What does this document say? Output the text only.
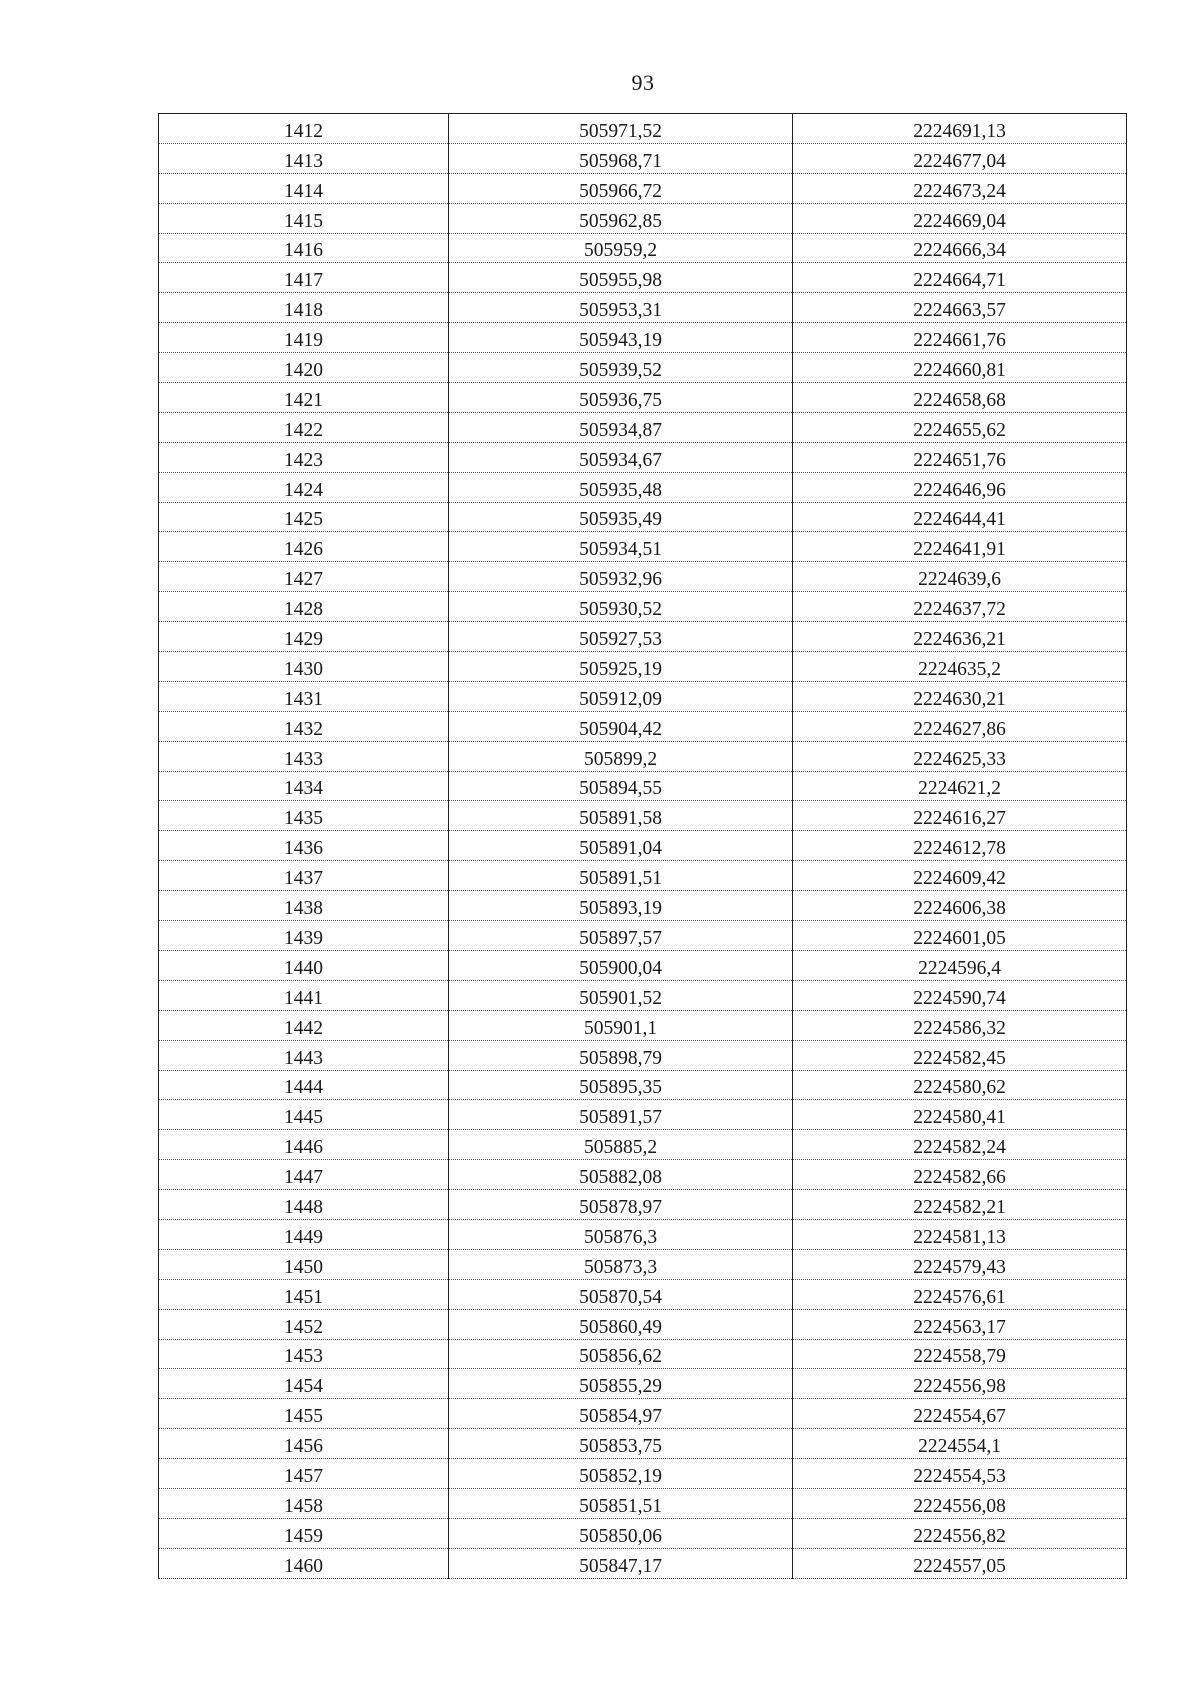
93
1412	505971,52	2224691,13
1413	505968,71	2224677,04
1414	505966,72	2224673,24
1415	505962,85	2224669,04
1416	505959,2	2224666,34
1417	505955,98	2224664,71
1418	505953,31	2224663,57
1419	505943,19	2224661,76
1420	505939,52	2224660,81
1421	505936,75	2224658,68
1422	505934,87	2224655,62
1423	505934,67	2224651,76
1424	505935,48	2224646,96
1425	505935,49	2224644,41
1426	505934,51	2224641,91
1427	505932,96	2224639,6
1428	505930,52	2224637,72
1429	505927,53	2224636,21
1430	505925,19	2224635,2
1431	505912,09	2224630,21
1432	505904,42	2224627,86
1433	505899,2	2224625,33
1434	505894,55	2224621,2
1435	505891,58	2224616,27
1436	505891,04	2224612,78
1437	505891,51	2224609,42
1438	505893,19	2224606,38
1439	505897,57	2224601,05
1440	505900,04	2224596,4
1441	505901,52	2224590,74
1442	505901,1	2224586,32
1443	505898,79	2224582,45
1444	505895,35	2224580,62
1445	505891,57	2224580,41
1446	505885,2	2224582,24
1447	505882,08	2224582,66
1448	505878,97	2224582,21
1449	505876,3	2224581,13
1450	505873,3	2224579,43
1451	505870,54	2224576,61
1452	505860,49	2224563,17
1453	505856,62	2224558,79
1454	505855,29	2224556,98
1455	505854,97	2224554,67
1456	505853,75	2224554,1
1457	505852,19	2224554,53
1458	505851,51	2224556,08
1459	505850,06	2224556,82
1460	505847,17	2224557,05
